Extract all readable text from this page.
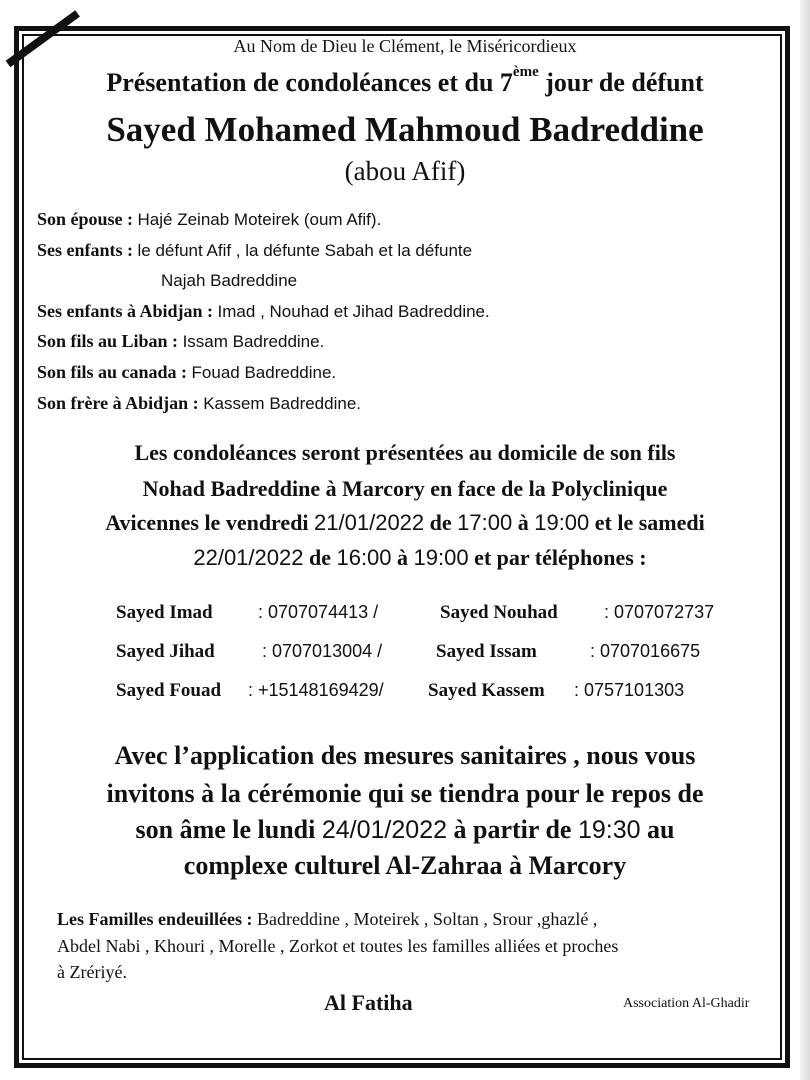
Au Nom de Dieu le Clément, le Miséricordieux
Présentation de condoléances et du 7ème jour de défunt
Sayed Mohamed Mahmoud Badreddine
(abou Afif)
Son épouse : Hajé Zeinab Moteirek (oum Afif).
Ses enfants : le défunt Afif , la défunte Sabah et la défunte
Najah Badreddine
Ses enfants à Abidjan : Imad , Nouhad et Jihad Badreddine.
Son fils au Liban : Issam Badreddine.
Son fils au canada : Fouad Badreddine.
Son frère à Abidjan : Kassem Badreddine.
Les condoléances seront présentées au domicile de son fils
Nohad Badreddine à Marcory en face de la Polyclinique
Avicennes le vendredi 21/01/2022 de 17:00 à 19:00 et le samedi
22/01/2022 de 16:00 à 19:00 et par téléphones :
Sayed Imad	: 0707074413 /	Sayed Nouhad	: 0707072737
Sayed Jihad	: 0707013004 /	Sayed Issam	: 0707016675
Sayed Fouad : +15148169429/ Sayed Kassem : 0757101303
Avec l’application des mesures sanitaires , nous vous
invitons à la cérémonie qui se tiendra pour le repos de
son âme le lundi 24/01/2022 à partir de 19:30 au
complexe culturel Al-Zahraa à Marcory
Les Familles endeuillées : Badreddine , Moteirek , Soltan , Srour ,ghazlé ,
Abdel Nabi , Khouri , Morelle , Zorkot et toutes les familles alliées et proches
à Zrériyé.
Al Fatiha	Association Al-Ghadir
